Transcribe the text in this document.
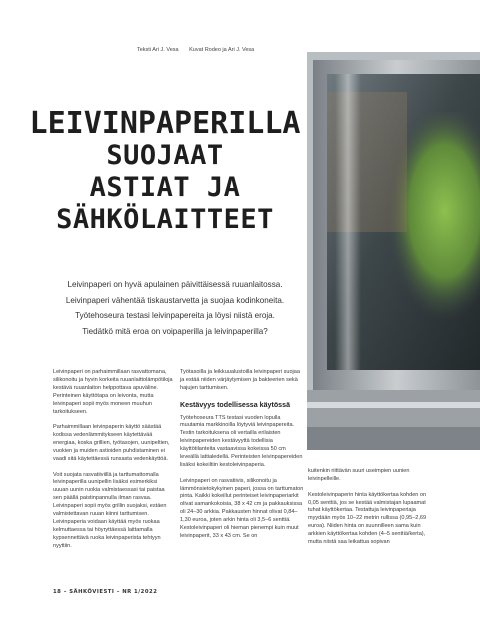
Teksti Ari J. Vesa Kuvat Rodeo ja Ari J. Vesa
LEIVINPAPERILLA
SUOJAAT
ASTIAT JA
SÄHKÖLAITTEET
Leivinpaperi on hyvä apulainen päivittäisessä ruuanlaitossa.
Leivinpaperi vähentää tiskaustarvetta ja suojaa kodinkoneita.
Työtehoseura testasi leivinpapereita ja löysi niistä eroja.
Tiedätkö mitä eroa on voipaperilla ja leivinpaperilla?

Leivinpaperi on parhaimmillaan rasvattomana, silikonoitu ja hyvin korkeita ruuanlaittolämpötiloja kestävä ruuanlaiton helppottava apuväline. Perinteinen käyttötapa on leivonta, mutta leivinpaperi sopii myös moneen muuhun tarkoitukseen.

Parhaimmillaan leivinpaperin käyttö säästää kodissa vedenlämmitykseen käytettävää energiaa, koska grillien, työtasojen, uunipeltien, vuokien ja muiden astioiden puhdistaminen ei vaadi sitä käytettäessä runsasta vedenkäyttöä.

Voit suojata rasvatiiviillä ja tarttumattomalla leivinpaperilla uunipellin lisäksi esimerkiksi uuuan uunin ruokia valmistaessasi tai paistaa sen päällä paistinpannulla ilman rasvaa. Leivinpaperi sopii myös grillin suojaksi, estäen valmistettavan ruuan kiinni tarttumisen. Leivinpaperia voidaan käyttää myös ruokaa kelmuttaessa tai höyryttäessä laittamalla kypsennettävä ruoka leivinpaperista tehtyyn nyyttiin.

Työtasoilla ja leikkuualustoilla leivinpaperi suojaa ja estää niiden värjäytymisen ja bakteerien sekä hajujen tarttumisen.

Kestävyys todellisessa käytössä

Työtehoseura TTS testasi vuoden lopulla muutamia markkinoilla löytyviä leivinpapereita. Testin tarkoituksena oli vertailla erilaisten leivinpapereiden kestävyyttä todellisia käyttötilanteita vastaavissa kokeissa 50 cm leveällä lattialedellä. Perinteisten leivinpapereiden lisäksi kokeiltiin kestoleivinpaperia.

Leivinpaperi on rasvatiivis, silikonoitu ja lämmönsietokykyinen paperi, jossa on tarttumaton pinta. Kaikki kokeillut perinteiset leivinpaperiarkit olivat samankokoisia, 38 x 42 cm ja pakkauksissa oli 24–30 arkkia. Pakkausten hinnat olivat 0,84–1,30 euroa, joten arkin hinta oli 3,5–6 senttiä. Kestoleivinpaperi oli hieman pienempi kuin muut leivinpaperit, 33 x 43 cm. Se on

kuitenkin riittävän suuri useimpien uunien leivinpelleille.

Kestoleivinpaperin hinta käyttökertaa kohden on 0,05 senttiä, jos se kestää valmistajan lupaamat tuhat käyttökertaa. Testattuja leivinpaperiaja myydään myös 10–22 metrin rullissa (0,95–2,69 euroa). Niiden hinta on suunnilleen sama kuin arkkien käyttökertaa kohden (4–5 senttiä/kerta), mutta niistä saa leikattua sopivan

18 – SÄHKÖVIESTI – NR 1/2022
